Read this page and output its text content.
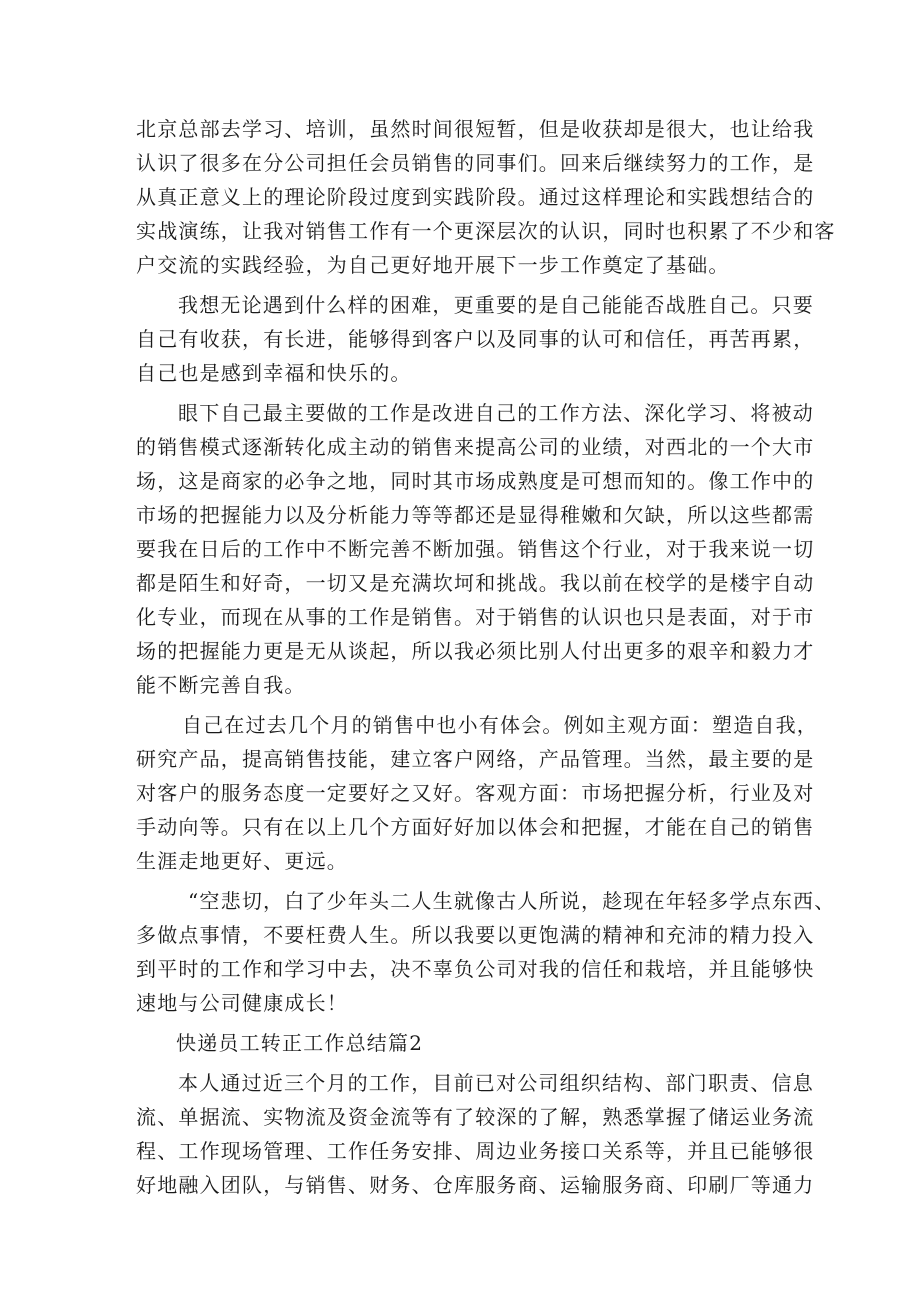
北京总部去学习、培训，虽然时间很短暂，但是收获却是很大，也让给我

认识了很多在分公司担任会员销售的同事们。回来后继续努力的工作，是

从真正意义上的理论阶段过度到实践阶段。通过这样理论和实践想结合的

实战演练，让我对销售工作有一个更深层次的认识，同时也积累了不少和客

户交流的实践经验，为自己更好地开展下一步工作奠定了基础。

我想无论遇到什么样的困难，更重要的是自己能能否战胜自己。只要

自己有收获，有长进，能够得到客户以及同事的认可和信任，再苦再累，

自己也是感到幸福和快乐的。

眼下自己最主要做的工作是改进自己的工作方法、深化学习、将被动

的销售模式逐渐转化成主动的销售来提高公司的业绩，对西北的一个大市

场，这是商家的必争之地，同时其市场成熟度是可想而知的。像工作中的

市场的把握能力以及分析能力等等都还是显得稚嫩和欠缺，所以这些都需

要我在日后的工作中不断完善不断加强。销售这个行业，对于我来说一切

都是陌生和好奇，一切又是充满坎坷和挑战。我以前在校学的是楼宇自动

化专业，而现在从事的工作是销售。对于销售的认识也只是表面，对于市

场的把握能力更是无从谈起，所以我必须比别人付出更多的艰辛和毅力才

能不断完善自我。

自己在过去几个月的销售中也小有体会。例如主观方面：塑造自我，

研究产品，提高销售技能，建立客户网络，产品管理。当然，最主要的是

对客户的服务态度一定要好之又好。客观方面：市场把握分析，行业及对

手动向等。只有在以上几个方面好好加以体会和把握，才能在自己的销售

生涯走地更好、更远。

“空悲切，白了少年头二人生就像古人所说，趁现在年轻多学点东西、

多做点事情，不要枉费人生。所以我要以更饱满的精神和充沛的精力投入

到平时的工作和学习中去，决不辜负公司对我的信任和栽培，并且能够快

速地与公司健康成长！

快递员工转正工作总结篇2

本人通过近三个月的工作，目前已对公司组织结构、部门职责、信息

流、单据流、实物流及资金流等有了较深的了解，熟悉掌握了储运业务流

程、工作现场管理、工作任务安排、周边业务接口关系等，并且已能够很

好地融入团队，与销售、财务、仓库服务商、运输服务商、印刷厂等通力
